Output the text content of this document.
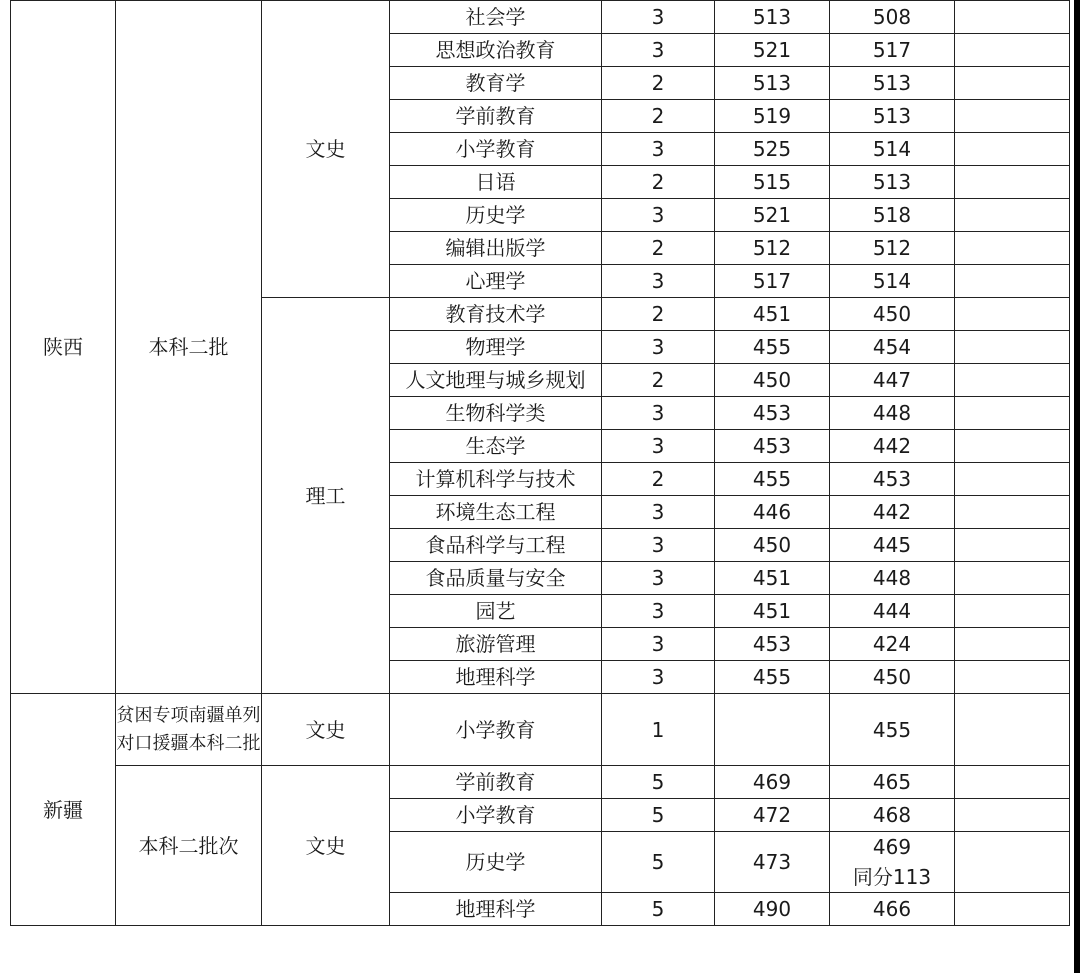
陕西	本科二批	文史	社会学	3	513	508	
			思想政治教育	3	521	517	
			教育学	2	513	513	
			学前教育	2	519	513	
			小学教育	3	525	514	
			日语	2	515	513	
			历史学	3	521	518	
			编辑出版学	2	512	512	
			心理学	3	517	514	
		理工	教育技术学	2	451	450	
			物理学	3	455	454	
			人文地理与城乡规划	2	450	447	
			生物科学类	3	453	448	
			生态学	3	453	442	
			计算机科学与技术	2	455	453	
			环境生态工程	3	446	442	
			食品科学与工程	3	450	445	
			食品质量与安全	3	451	448	
			园艺	3	451	444	
			旅游管理	3	453	424	
			地理科学	3	455	450	
新疆	贫困专项南疆单列
对口援疆本科二批	文史	小学教育	1		455	
	本科二批次	文史	学前教育	5	469	465	
			小学教育	5	472	468	
			历史学	5	473	469
同分113	

			地理科学	5	490	466	
